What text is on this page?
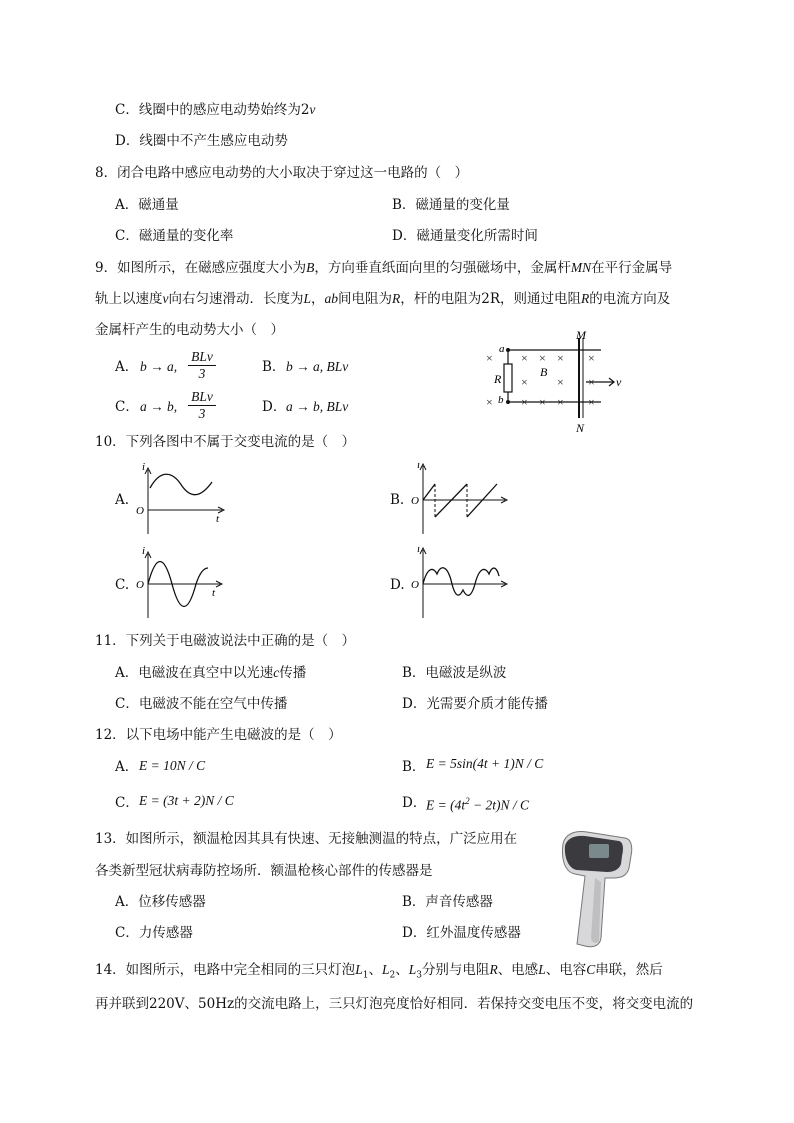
C．线圈中的感应电动势始终为2v
D．线圈中不产生感应电动势
8．闭合电路中感应电动势的大小取决于穿过这一电路的（　）
A．磁通量	B．磁通量的变化量
C．磁通量的变化率	D．磁通量变化所需时间
9．如图所示，在磁感应强度大小为B，方向垂直纸面向里的匀强磁场中，金属杆MN在平行金属导
轨上以速度v向右匀速滑动．长度为L，ab间电阻为R，杆的电阻为2R，则通过电阻R的电流方向及
金属杆产生的电动势大小（　）
A． b → a,
BLv
3	B． b → a, BLv
C． a → b,
BLv
3	D． a → b, BLv
× × × × ×
× × ×
× × × × ×
M
N
a
b
R	B
v
10．下列各图中不属于交变电流的是（　）
A.
i
O
t
B.
i
O
C.
i
O
t	D.
i
O
11．下列关于电磁波说法中正确的是（　）
A．电磁波在真空中以光速c传播	B．电磁波是纵波
C．电磁波不能在空气中传播	D．光需要介质才能传播
12．以下电场中能产生电磁波的是（　）
A． E = 10N / C	B． E = 5sin(4t + 1)N / C
C． E = (3t + 2)N / C	D． $E = (4t^2 - 2t)N / C$
13．如图所示，额温枪因其具有快速、无接触测温的特点，广泛应用在
各类新型冠状病毒防控场所．额温枪核心部件的传感器是
A．位移传感器	B．声音传感器
C．力传感器	D．红外温度传感器
14．如图所示，电路中完全相同的三只灯泡$L_1$、$L_2$、$L_3$分别与电阻R、电感L、电容C串联，然后
再并联到220V、50Hz的交流电路上，三只灯泡亮度恰好相同．若保持交变电压不变，将交变电流的
